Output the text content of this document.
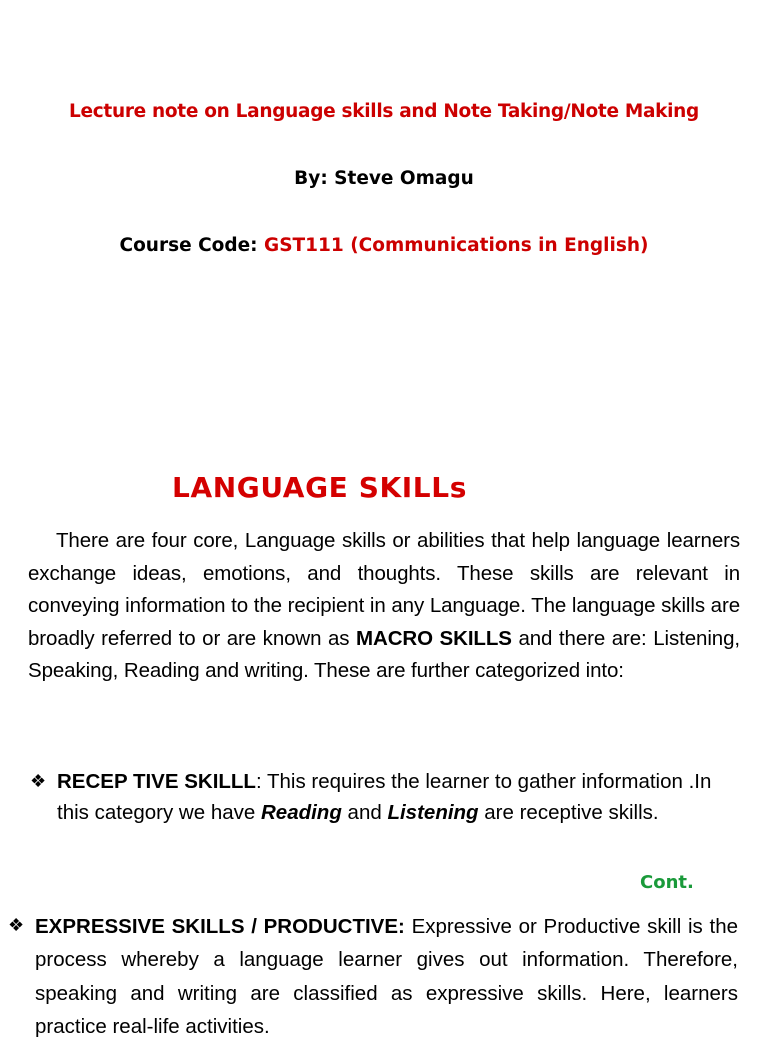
Lecture note on Language skills and Note Taking/Note Making
By: Steve Omagu
Course Code: GST111 (Communications in English)
LANGUAGE SKILLs
There are four core, Language skills or abilities that help language learners exchange ideas, emotions, and thoughts. These skills are relevant in conveying information to the recipient in any Language. The language skills are broadly referred to or are known as MACRO SKILLS and there are: Listening, Speaking, Reading and writing. These are further categorized into:
❖ RECEP TIVE SKILLL: This requires the learner to gather information .In this category we have Reading and Listening are receptive skills.
Cont.
❖ EXPRESSIVE SKILLS / PRODUCTIVE: Expressive or Productive skill is the process whereby a language learner gives out information. Therefore, speaking and writing are classified as expressive skills. Here, learners practice real-life activities.
